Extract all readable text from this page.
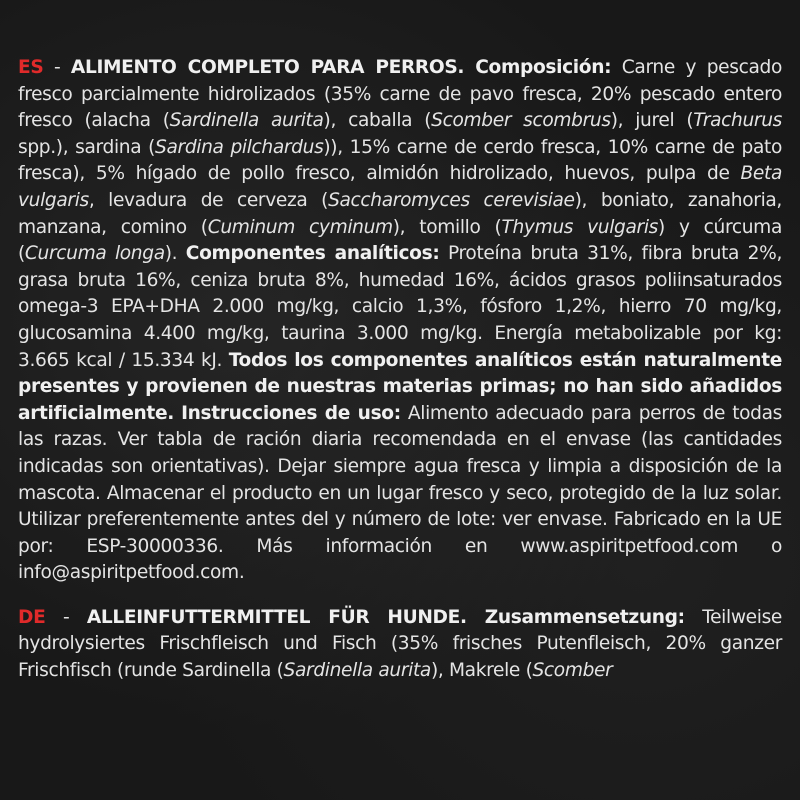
ES - ALIMENTO COMPLETO PARA PERROS. Composición: Carne y pescado fresco parcialmente hidrolizados (35% carne de pavo fresca, 20% pescado entero fresco (alacha (Sardinella aurita), caballa (Scomber scombrus), jurel (Trachurus spp.), sardina (Sardina pilchardus)), 15% carne de cerdo fresca, 10% carne de pato fresca), 5% hígado de pollo fresco, almidón hidrolizado, huevos, pulpa de Beta vulgaris, levadura de cerveza (Saccharomyces cerevisiae), boniato, zanahoria, manzana, comino (Cuminum cyminum), tomillo (Thymus vulgaris) y cúrcuma (Curcuma longa). Componentes analíticos: Proteína bruta 31%, fibra bruta 2%, grasa bruta 16%, ceniza bruta 8%, humedad 16%, ácidos grasos poliinsaturados omega-3 EPA+DHA 2.000 mg/kg, calcio 1,3%, fósforo 1,2%, hierro 70 mg/kg, glucosamina 4.400 mg/kg, taurina 3.000 mg/kg. Energía metabolizable por kg: 3.665 kcal / 15.334 kJ. Todos los componentes analíticos están naturalmente presentes y provienen de nuestras materias primas; no han sido añadidos artificialmente. Instrucciones de uso: Alimento adecuado para perros de todas las razas. Ver tabla de ración diaria recomendada en el envase (las cantidades indicadas son orientativas). Dejar siempre agua fresca y limpia a disposición de la mascota. Almacenar el producto en un lugar fresco y seco, protegido de la luz solar. Utilizar preferentemente antes del y número de lote: ver envase. Fabricado en la UE por: ESP-30000336. Más información en www.aspiritpetfood.com o info@aspiritpetfood.com.

DE - ALLEINFUTTERMITTEL FÜR HUNDE. Zusammensetzung: Teilweise hydrolysiertes Frischfleisch und Fisch (35% frisches Putenfleisch, 20% ganzer Frischfisch (runde Sardinella (Sardinella aurita), Makrele (Scomber
